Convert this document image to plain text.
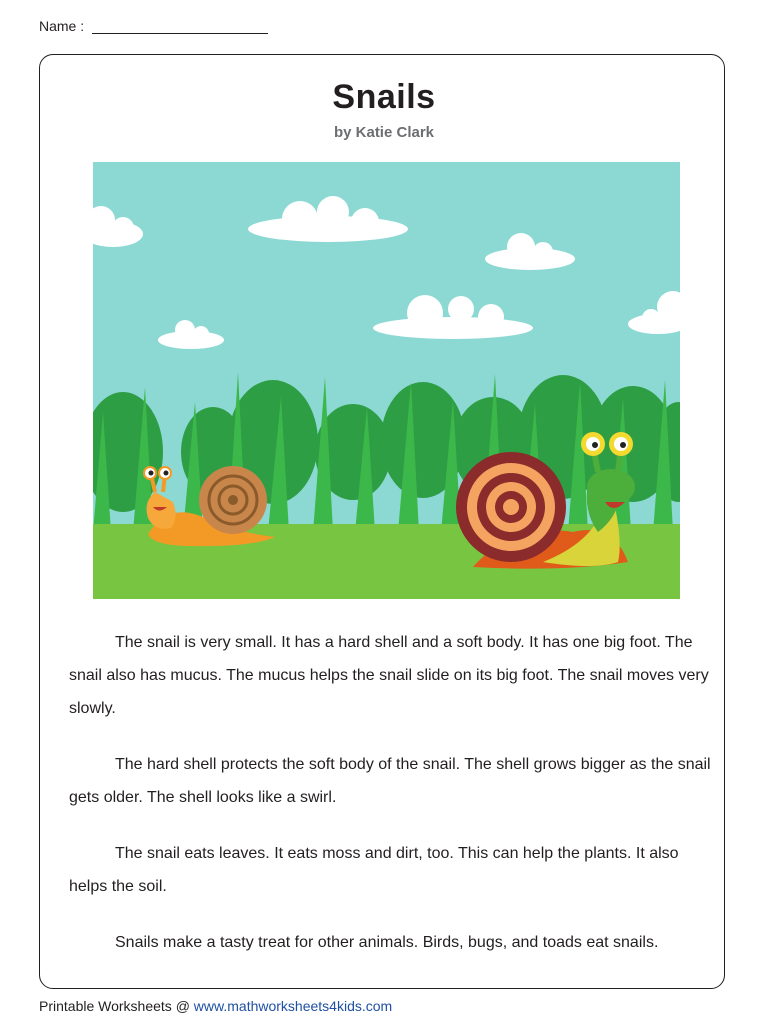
Name :
Snails
by Katie Clark

The snail is very small. It has a hard shell and a soft body. It has one big foot. The snail also has mucus. The mucus helps the snail slide on its big foot. The snail moves very slowly.

The hard shell protects the soft body of the snail. The shell grows bigger as the snail gets older. The shell looks like a swirl.

The snail eats leaves. It eats moss and dirt, too. This can help the plants. It also helps the soil.

Snails make a tasty treat for other animals. Birds, bugs, and toads eat snails.

Printable Worksheets @ www.mathworksheets4kids.com
